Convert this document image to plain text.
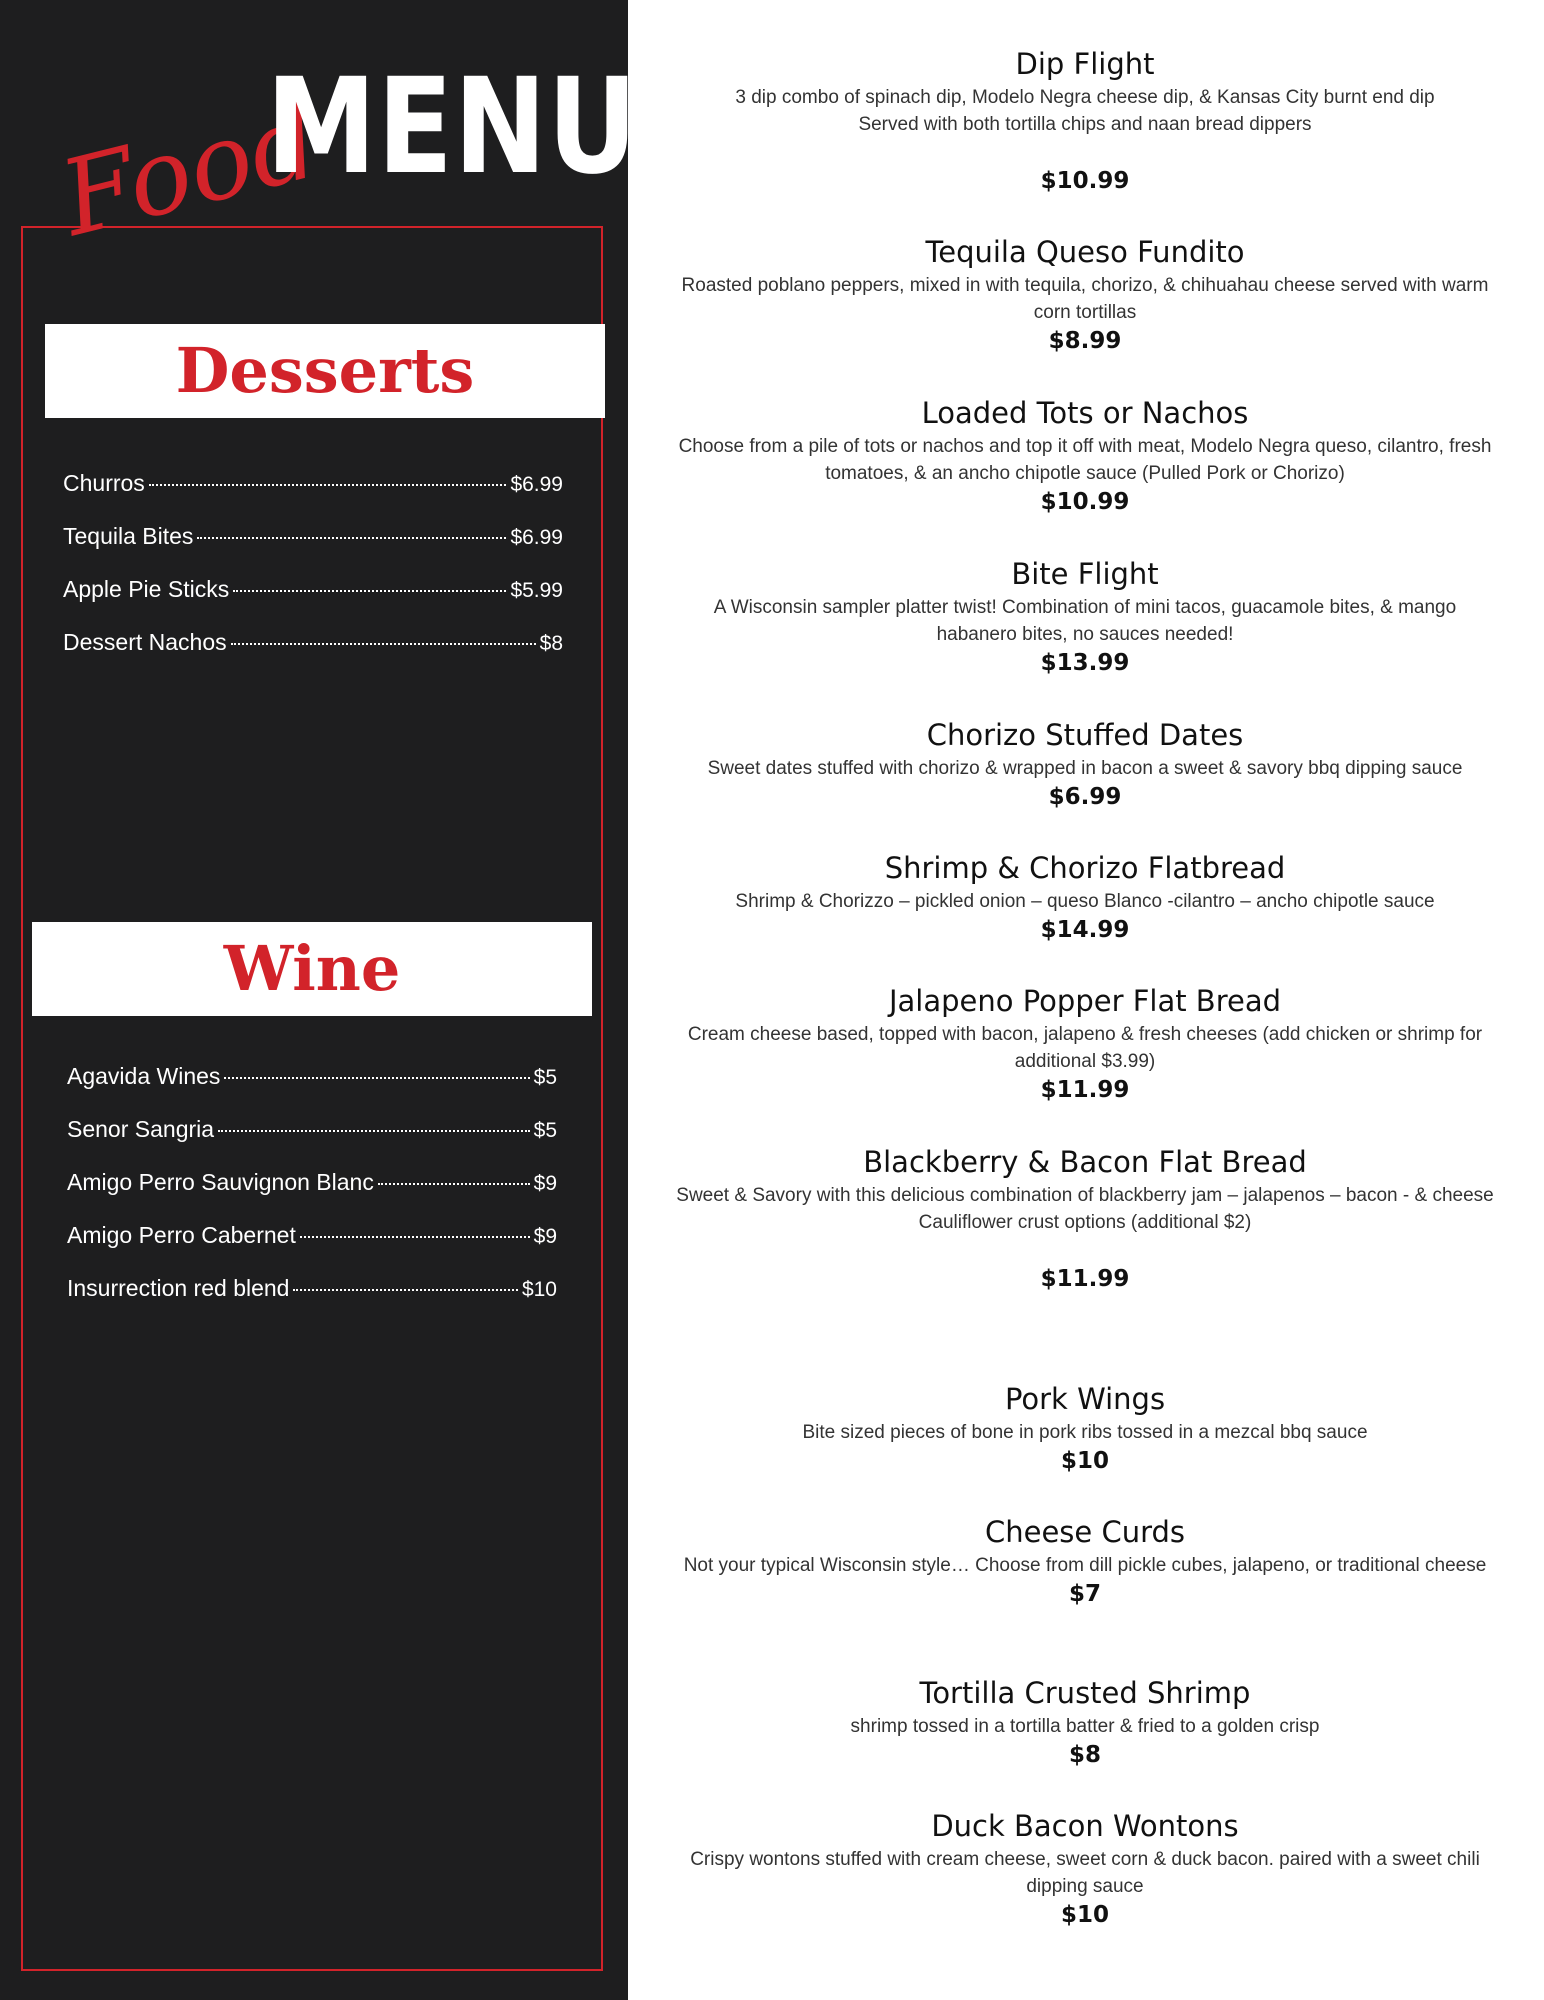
Food
MENU
Desserts
Churros	$6.99
Tequila Bites	$6.99
Apple Pie Sticks	$5.99
Dessert Nachos	$8
Wine
Agavida Wines	$5
Senor Sangria	$5
Amigo Perro Sauvignon Blanc	$9
Amigo Perro Cabernet	$9
Insurrection red blend	$10
Dip Flight

3 dip combo of spinach dip, Modelo Negra cheese dip, & Kansas City burnt end dip

Served with both tortilla chips and naan bread dippers

$10.99

Tequila Queso Fundito

Roasted poblano peppers, mixed in with tequila, chorizo, & chihuahau cheese served with warm corn tortillas

$8.99

Loaded Tots or Nachos

Choose from a pile of tots or nachos and top it off with meat, Modelo Negra queso, cilantro, fresh tomatoes, & an ancho chipotle sauce (Pulled Pork or Chorizo)

$10.99

Bite Flight

A Wisconsin sampler platter twist! Combination of mini tacos, guacamole bites, & mango habanero bites, no sauces needed!

$13.99

Chorizo Stuffed Dates

Sweet dates stuffed with chorizo & wrapped in bacon a sweet & savory bbq dipping sauce

$6.99

Shrimp & Chorizo Flatbread

Shrimp & Chorizzo – pickled onion – queso Blanco -cilantro – ancho chipotle sauce

$14.99

Jalapeno Popper Flat Bread

Cream cheese based, topped with bacon, jalapeno & fresh cheeses (add chicken or shrimp for additional $3.99)

$11.99

Blackberry & Bacon Flat Bread

Sweet & Savory with this delicious combination of blackberry jam – jalapenos – bacon - & cheese

Cauliflower crust options (additional $2)

$11.99

Pork Wings

Bite sized pieces of bone in pork ribs tossed in a mezcal bbq sauce

$10

Cheese Curds

Not your typical Wisconsin style… Choose from dill pickle cubes, jalapeno, or traditional cheese

$7

Tortilla Crusted Shrimp

shrimp tossed in a tortilla batter & fried to a golden crisp

$8

Duck Bacon Wontons

Crispy wontons stuffed with cream cheese, sweet corn & duck bacon. paired with a sweet chili dipping sauce

$10
